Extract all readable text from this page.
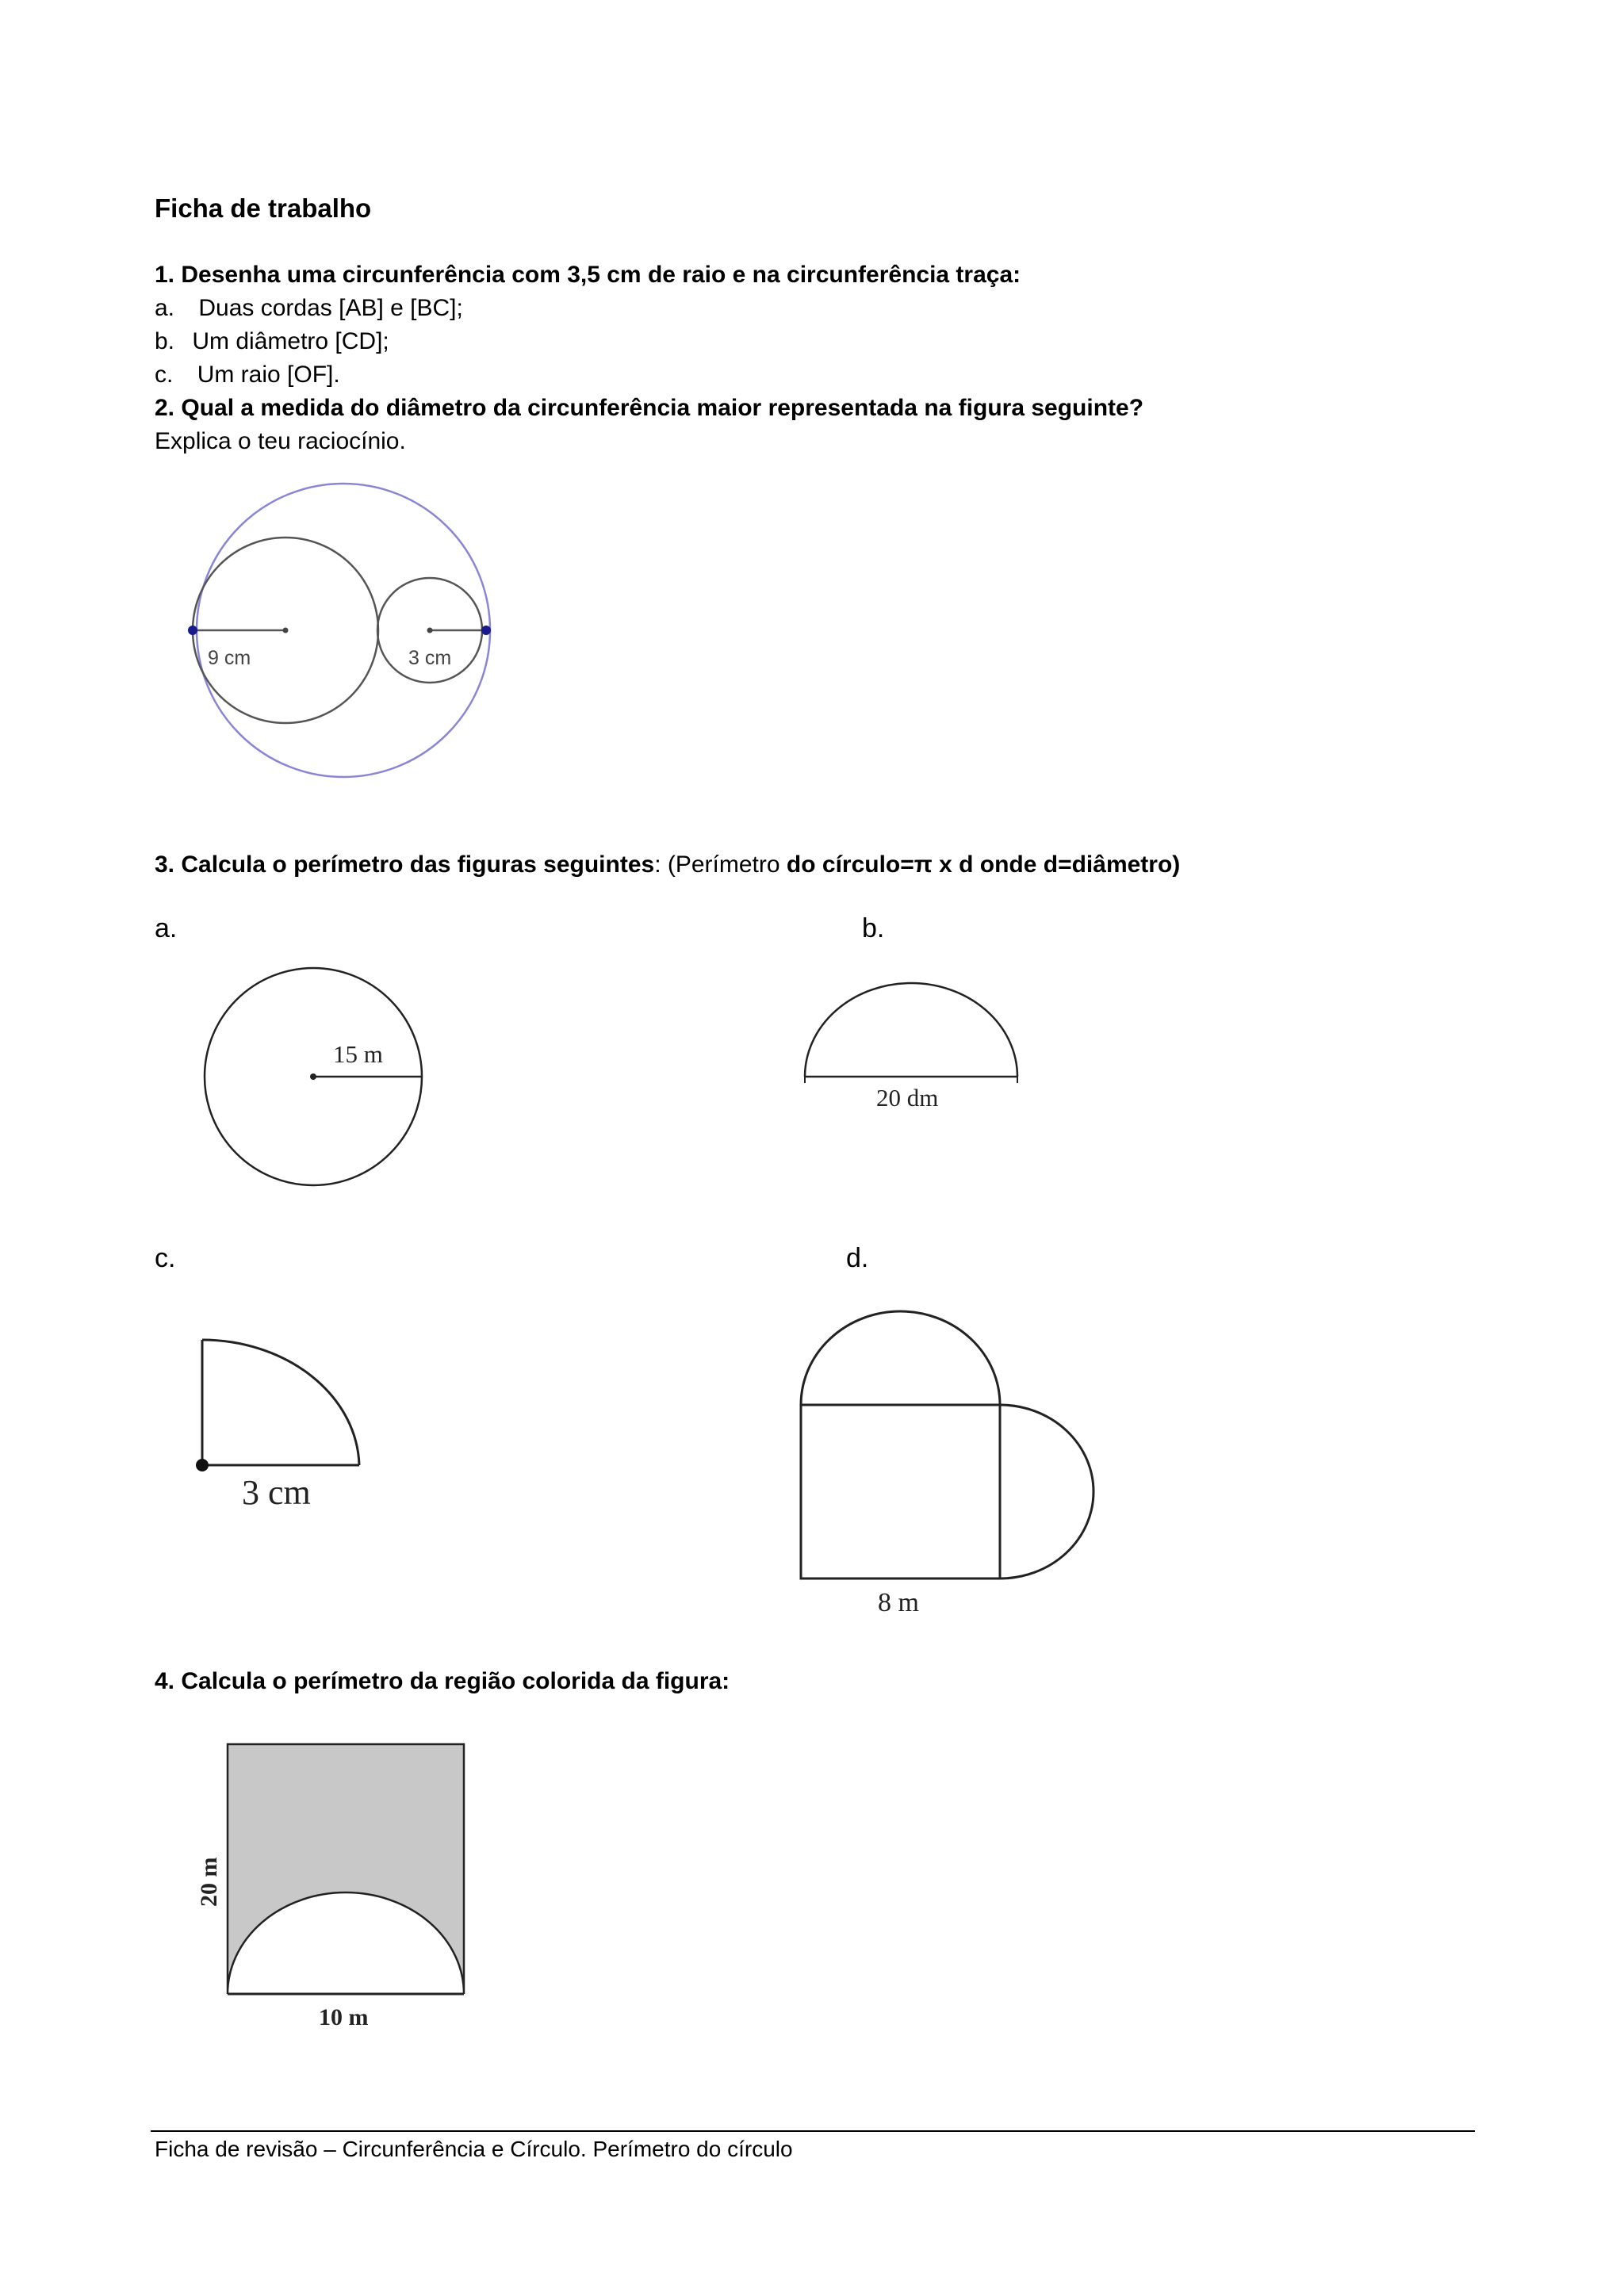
Ficha de trabalho
1. Desenha uma circunferência com 3,5 cm de raio e na circunferência traça:
a. Duas cordas [AB] e [BC];
b. Um diâmetro [CD];
c. Um raio [OF].
2. Qual a medida do diâmetro da circunferência maior representada na figura seguinte?
Explica o teu raciocínio.
9 cm	3 cm
3. Calcula o perímetro das figuras seguintes: (Perímetro do círculo=π x d onde d=diâmetro)
a.	b.
15 m
20 dm
c.	d.
3 cm
8 m
4. Calcula o perímetro da região colorida da figura:
20 m
10 m
Ficha de revisão – Circunferência e Círculo. Perímetro do círculo
